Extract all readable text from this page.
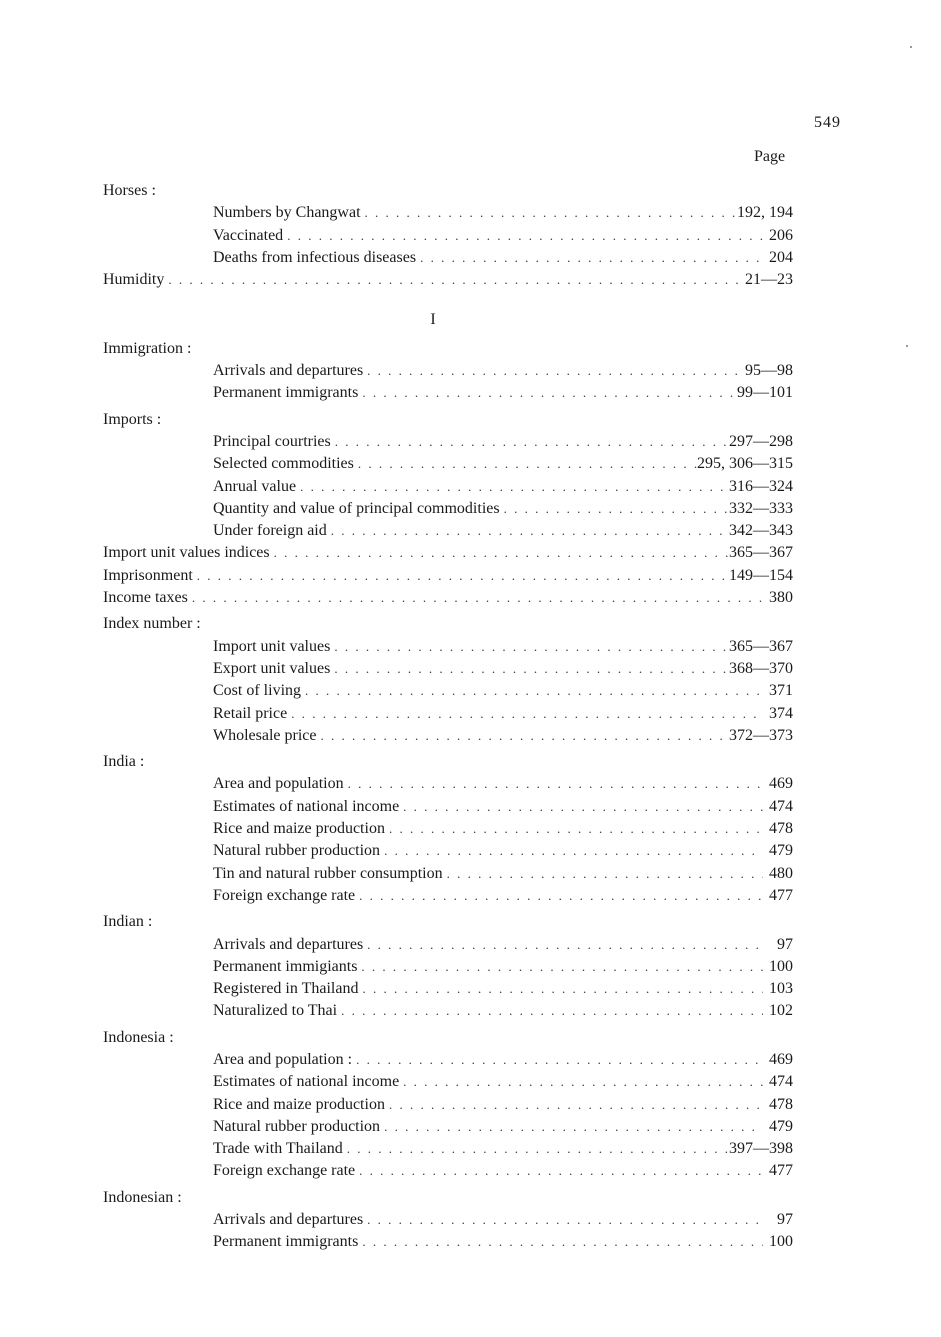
549
Page
Horses :
Numbers by Changwat . . .	192, 194
Vaccinated . . .	206
Deaths from infectious diseases . . .	204
Humidity . . .	21—23
I
Immigration :
Arrivals and departures . . .	95—98
Permanent immigrants . . .	99—101
Imports :
Principal courtries . . .	297—298
Selected commodities . . .	295, 306—315
Anrual value . . .	316—324
Quantity and value of principal commodities . . .	332—333
Under foreign aid . . .	342—343
Import unit values indices . . .	365—367
Imprisonment . . .	149—154
Income taxes . . .	380
Index number :
Import unit values . . .	365—367
Export unit values . . .	368—370
Cost of living . . .	371
Retail price . . .	374
Wholesale price . . .	372—373
India :
Area and population . . .	469
Estimates of national income . . .	474
Rice and maize production . . .	478
Natural rubber production . . .	479
Tin and natural rubber consumption . . .	480
Foreign exchange rate . . .	477
Indian :
Arrivals and departures . . .	97
Permanent immigiants . . .	100
Registered in Thailand . . .	103
Naturalized to Thai . . .	102
Indonesia :
Area and population : . . .	469
Estimates of national income . . .	474
Rice and maize production . . .	478
Natural rubber production . . .	479
Trade with Thailand . . .	397—398
Foreign exchange rate . . .	477
Indonesian :
Arrivals and departures . . .	97
Permanent immigrants . . .	100
